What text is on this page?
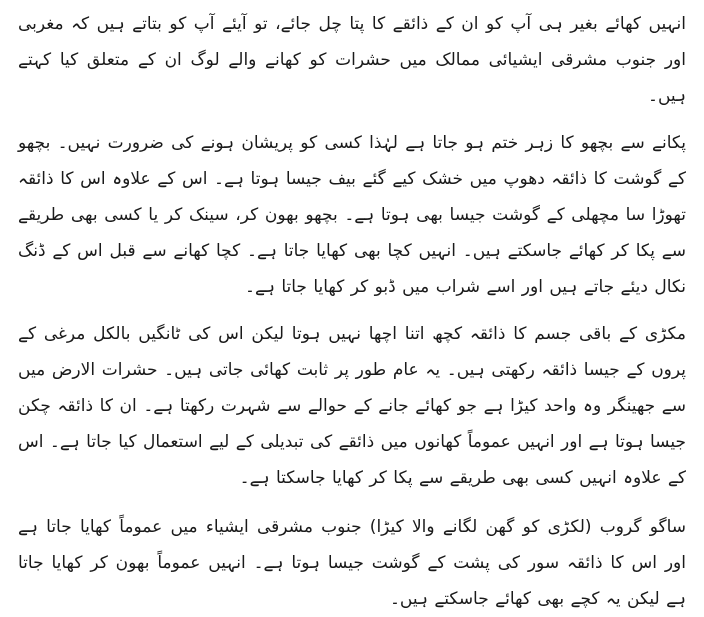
انہیں کھائے بغیر ہی آپ کو ان کے ذائقے کا پتا چل جائے، تو آیئے آپ کو بتاتے ہیں کہ مغربی اور جنوب مشرقی ایشیائی ممالک میں حشرات کو کھانے والے لوگ ان کے متعلق کیا کہتے ہیں۔

پکانے سے بچھو کا زہر ختم ہو جاتا ہے لہٰذا کسی کو پریشان ہونے کی ضرورت نہیں۔ بچھو کے گوشت کا ذائقہ دھوپ میں خشک کیے گئے بیف جیسا ہوتا ہے۔ اس کے علاوہ اس کا ذائقہ تھوڑا سا مچھلی کے گوشت جیسا بھی ہوتا ہے۔ بچھو بھون کر، سینک کر یا کسی بھی طریقے سے پکا کر کھائے جاسکتے ہیں۔ انہیں کچا بھی کھایا جاتا ہے۔ کچا کھانے سے قبل اس کے ڈنگ نکال دیئے جاتے ہیں اور اسے شراب میں ڈبو کر کھایا جاتا ہے۔

مکڑی کے باقی جسم کا ذائقہ کچھ اتنا اچھا نہیں ہوتا لیکن اس کی ٹانگیں بالکل مرغی کے پروں کے جیسا ذائقہ رکھتی ہیں۔ یہ عام طور پر ثابت کھائی جاتی ہیں۔ حشرات الارض میں سے جھینگر وہ واحد کیڑا ہے جو کھائے جانے کے حوالے سے شہرت رکھتا ہے۔ ان کا ذائقہ چکن جیسا ہوتا ہے اور انہیں عموماً کھانوں میں ذائقے کی تبدیلی کے لیے استعمال کیا جاتا ہے۔ اس کے علاوہ انہیں کسی بھی طریقے سے پکا کر کھایا جاسکتا ہے۔

ساگو گروب (لکڑی کو گھن لگانے والا کیڑا) جنوب مشرقی ایشیاء میں عموماً کھایا جاتا ہے اور اس کا ذائقہ سور کی پشت کے گوشت جیسا ہوتا ہے۔ انہیں عموماً بھون کر کھایا جاتا ہے لیکن یہ کچے بھی کھائے جاسکتے ہیں۔
